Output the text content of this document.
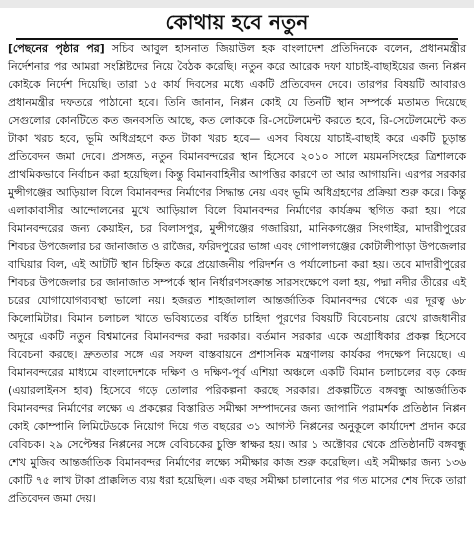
কোথায় হবে নতুন
[পেছনের পৃষ্ঠার পর] সচিব আবুল হাসনাত জিয়াউল হক বাংলাদেশ প্রতিদিনকে বলেন, প্রধানমন্ত্রীর নির্দেশনার পর আমরা সংশ্লিষ্টদের নিয়ে বৈঠক করেছি। নতুন করে আরেক দফা যাচাই-বাছাইয়ের জন্য নিপ্পন কোইকে নির্দেশ দিয়েছি। তারা ১৫ কার্য দিবসের মধ্যে একটি প্রতিবেদন দেবে। তারপর বিষয়টি আবারও প্রধানমন্ত্রীর দফতরে পাঠানো হবে। তিনি জানান, নিপ্পন কোই যে তিনটি স্থান সম্পর্কে মতামত দিয়েছে সেগুলোর কোনটিতে কত জনবসতি আছে, কত লোককে রি-সেটেলমেন্ট করতে হবে, রি-সেটেলমেন্টে কত টাকা খরচ হবে, ভূমি অধিগ্রহণে কত টাকা খরচ হবে— এসব বিষয়ে যাচাই-বাছাই করে একটি চূড়ান্ত প্রতিবেদন জমা দেবে। প্রসঙ্গত, নতুন বিমানবন্দরের স্থান হিসেবে ২০১০ সালে ময়মনসিংহের ত্রিশালকে প্রাথমিকভাবে নির্বাচন করা হয়েছিল। কিন্তু বিমানবাহিনীর আপত্তির কারণে তা আর আগায়নি। এরপর সরকার মুন্সীগঞ্জের আড়িয়াল বিলে বিমানবন্দর নির্মাণের সিদ্ধান্ত নেয় এবং ভূমি অধিগ্রহণের প্রক্রিয়া শুরু করে। কিন্তু এলাকাবাসীর আন্দোলনের মুখে আড়িয়াল বিলে বিমানবন্দর নির্মাণের কার্যক্রম স্থগিত করা হয়। পরে বিমানবন্দরের জন্য কেয়াইন, চর বিলাসপুর, মুন্সীগঞ্জের গজারিয়া, মানিকগঞ্জের সিংগাইর, মাদারীপুরের শিবচর উপজেলার চর জানাজাত ও রাজৈর, ফরিদপুরের ভাঙ্গা এবং গোপালগঞ্জের কোটালীপাড়া উপজেলার বাঘিয়ার বিল, এই আটটি স্থান চিহ্নিত করে প্রয়োজনীয় পরিদর্শন ও পর্যালোচনা করা হয়। তবে মাদারীপুরের শিবচর উপজেলার চর জানাজাত সম্পর্কে স্থান নির্ধারণসংক্রান্ত সারসংক্ষেপে বলা হয়, পদ্মা নদীর তীরের এই চরের যোগাযোগব্যবস্থা ভালো নয়। হজরত শাহজালাল আন্তর্জাতিক বিমানবন্দর থেকে এর দূরত্ব ৬৮ কিলোমিটার। বিমান চলাচল খাতে ভবিষ্যতের বর্ধিত চাহিদা পূরণের বিষয়টি বিবেচনায় রেখে রাজধানীর অদূরে একটি নতুন বিশ্বমানের বিমানবন্দর করা দরকার। বর্তমান সরকার একে অগ্রাধিকার প্রকল্প হিসেবে বিবেচনা করছে। দ্রুততার সঙ্গে এর সফল বাস্তবায়নে প্রশাসনিক মন্ত্রণালয় কার্যকর পদক্ষেপ নিয়েছে। এ বিমানবন্দরের মাধ্যমে বাংলাদেশকে দক্ষিণ ও দক্ষিণ-পূর্ব এশিয়া অঞ্চলে একটি বিমান চলাচলের বড় কেন্দ্র (এয়ারলাইনস হাব) হিসেবে গড়ে তোলার পরিকল্পনা করছে সরকার। প্রকল্পটিতে বঙ্গবন্ধু আন্তর্জাতিক বিমানবন্দর নির্মাণের লক্ষ্যে এ প্রকল্পের বিস্তারিত সমীক্ষা সম্পাদনের জন্য জাপানি পরামর্শক প্রতিষ্ঠান নিপ্পন কোই কোম্পানি লিমিটেডকে নিয়োগ দিয়ে গত বছরের ৩১ আগস্ট নিপ্পনের অনুকূলে কার্যাদেশ প্রদান করে বেবিচক। ২৯ সেপ্টেম্বর নিপ্পনের সঙ্গে বেবিচকের চুক্তি স্বাক্ষর হয়। আর ১ অক্টোবর থেকে প্রতিষ্ঠানটি বঙ্গবন্ধু শেখ মুজিব আন্তর্জাতিক বিমানবন্দর নির্মাণের লক্ষ্যে সমীক্ষার কাজ শুরু করেছিল। এই সমীক্ষার জন্য ১৩৬ কোটি ৭৫ লাখ টাকা প্রাক্কলিত ব্যয় ধরা হয়েছিল। এক বছর সমীক্ষা চালানোর পর গত মাসের শেষ দিকে তারা প্রতিবেদন জমা দেয়।
